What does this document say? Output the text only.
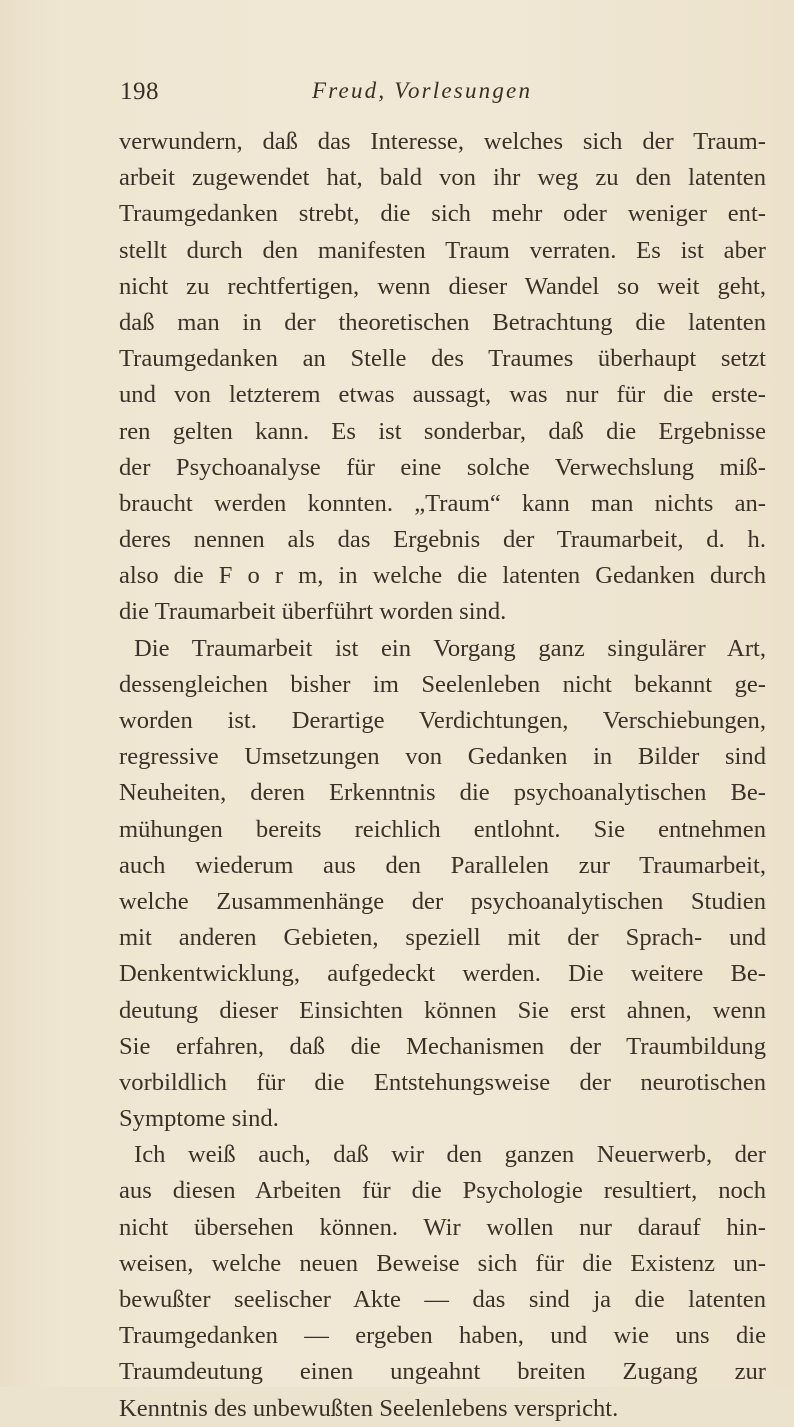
198	Freud, Vorlesungen
verwundern, daß das Interesse, welches sich der Traum-
arbeit zugewendet hat, bald von ihr weg zu den latenten
Traumgedanken strebt, die sich mehr oder weniger ent-
stellt durch den manifesten Traum verraten. Es ist aber
nicht zu rechtfertigen, wenn dieser Wandel so weit geht,
daß man in der theoretischen Betrachtung die latenten
Traumgedanken an Stelle des Traumes überhaupt setzt
und von letzterem etwas aussagt, was nur für die erste-
ren gelten kann. Es ist sonderbar, daß die Ergebnisse
der Psychoanalyse für eine solche Verwechslung miß-
braucht werden konnten. „Traum“ kann man nichts an-
deres nennen als das Ergebnis der Traumarbeit, d. h.
also die F o r m, in welche die latenten Gedanken durch
die Traumarbeit überführt worden sind.
Die Traumarbeit ist ein Vorgang ganz singulärer Art,
dessengleichen bisher im Seelenleben nicht bekannt ge-
worden ist. Derartige Verdichtungen, Verschiebungen,
regressive Umsetzungen von Gedanken in Bilder sind
Neuheiten, deren Erkenntnis die psychoanalytischen Be-
mühungen bereits reichlich entlohnt. Sie entnehmen
auch wiederum aus den Parallelen zur Traumarbeit,
welche Zusammenhänge der psychoanalytischen Studien
mit anderen Gebieten, speziell mit der Sprach- und
Denkentwicklung, aufgedeckt werden. Die weitere Be-
deutung dieser Einsichten können Sie erst ahnen, wenn
Sie erfahren, daß die Mechanismen der Traumbildung
vorbildlich für die Entstehungsweise der neurotischen
Symptome sind.
Ich weiß auch, daß wir den ganzen Neuerwerb, der
aus diesen Arbeiten für die Psychologie resultiert, noch
nicht übersehen können. Wir wollen nur darauf hin-
weisen, welche neuen Beweise sich für die Existenz un-
bewußter seelischer Akte — das sind ja die latenten
Traumgedanken — ergeben haben, und wie uns die
Traumdeutung einen ungeahnt breiten Zugang zur
Kenntnis des unbewußten Seelenlebens verspricht.
